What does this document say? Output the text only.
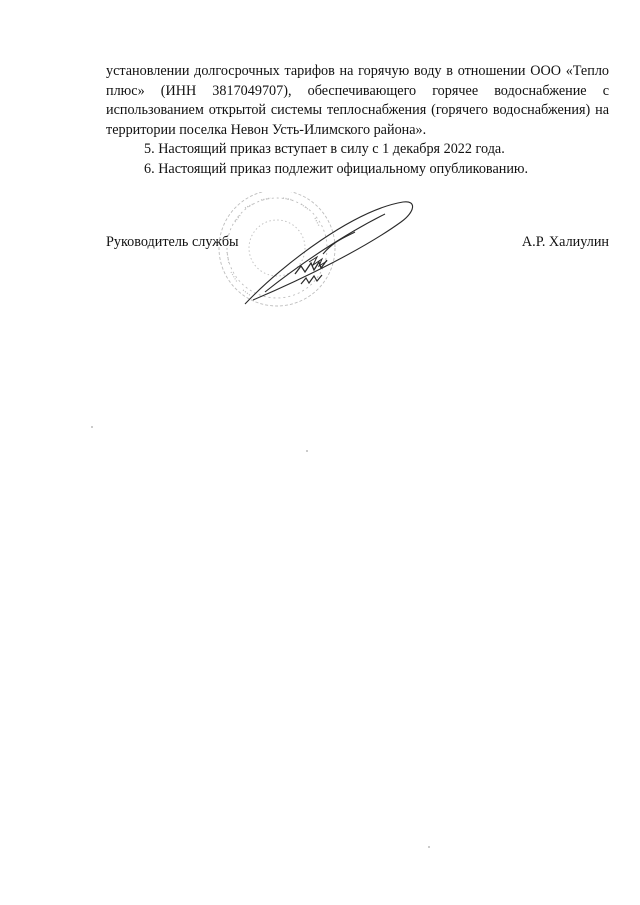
установлении долгосрочных тарифов на горячую воду в отношении ООО «Тепло плюс» (ИНН 3817049707), обеспечивающего горячее водоснабжение с использованием открытой системы теплоснабжения (горячего водоснабжения) на территории поселка Невон Усть-Илимского района».

5. Настоящий приказ вступает в силу с 1 декабря 2022 года.

6. Настоящий приказ подлежит официальному опубликованию.

Руководитель службы	А.Р. Халиулин
